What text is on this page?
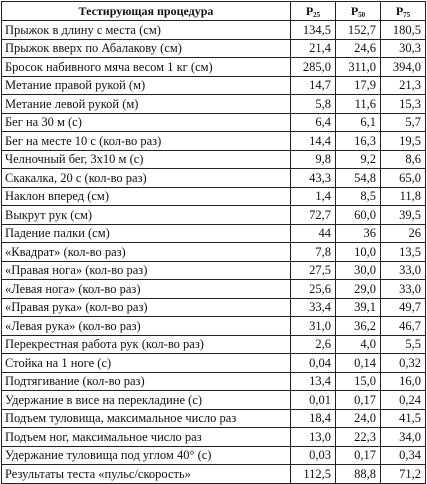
Тестирующая процедура	$P_{25}$	$P_{50}$	$P_{75}$
Прыжок в длину с места (см)	134,5	152,7	180,5
Прыжок вверх по Абалакову (см)	21,4	24,6	30,3
Бросок набивного мяча весом 1 кг (см)	285,0	311,0	394,0
Метание правой рукой (м)	14,7	17,9	21,3
Метание левой рукой (м)	5,8	11,6	15,3
Бег на 30 м (с)	6,4	6,1	5,7
Бег на месте 10 с (кол-во раз)	14,4	16,3	19,5
Челночный бег, 3х10 м (с)	9,8	9,2	8,6
Скакалка, 20 с (кол-во раз)	43,3	54,8	65,0
Наклон вперед (см)	1,4	8,5	11,8
Выкрут рук (см)	72,7	60,0	39,5
Падение палки (см)	44	36	26
«Квадрат» (кол-во раз)	7,8	10,0	13,5
«Правая нога» (кол-во раз)	27,5	30,0	33,0
«Левая нога» (кол-во раз)	25,6	29,0	33,0
«Правая рука» (кол-во раз)	33,4	39,1	49,7
«Левая рука» (кол-во раз)	31,0	36,2	46,7
Перекрестная работа рук (кол-во раз)	2,6	4,0	5,5
Стойка на 1 ноге (с)	0,04	0,14	0,32
Подтягивание (кол-во раз)	13,4	15,0	16,0
Удержание в висе на перекладине (с)	0,01	0,17	0,24
Подъем туловища, максимальное число раз	18,4	24,0	41,5
Подъем ног, максимальное число раз	13,0	22,3	34,0
Удержание туловища под углом 40° (с)	0,03	0,17	0,34
Результаты теста «пульс/скорость»	112,5	88,8	71,2
